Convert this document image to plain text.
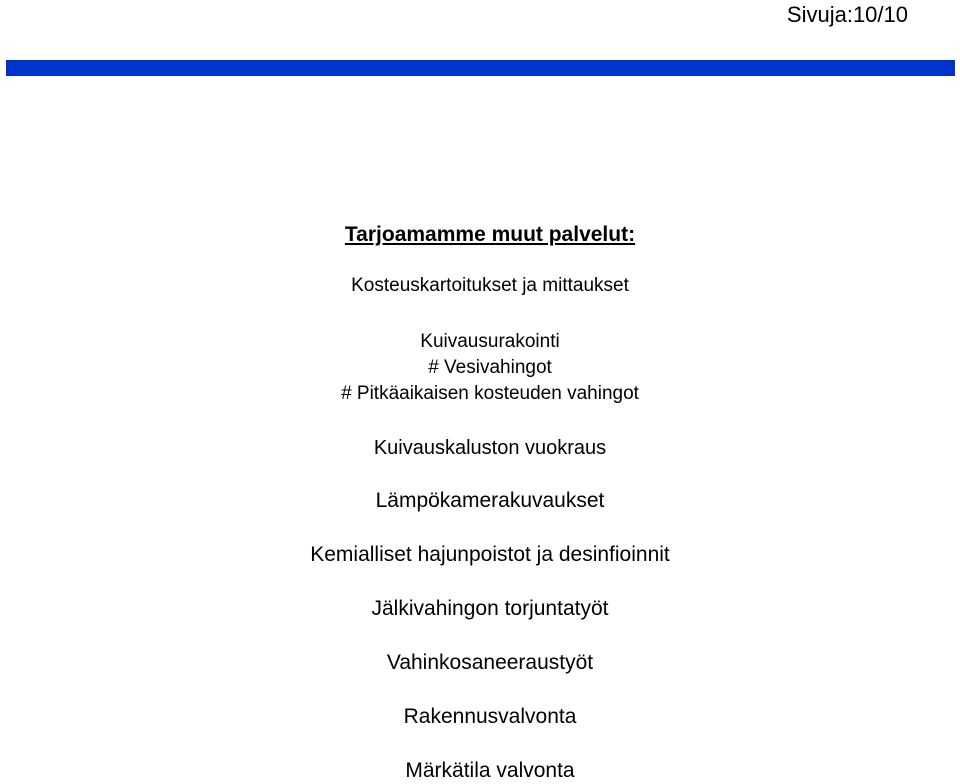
Sivuja:10/10
Tarjoamamme muut palvelut:
Kosteuskartoitukset ja mittaukset
Kuivausurakointi
# Vesivahingot
# Pitkäaikaisen kosteuden vahingot
Kuivauskaluston vuokraus
Lämpökamerakuvaukset
Kemialliset hajunpoistot ja desinfioinnit
Jälkivahingon torjuntatyöt
Vahinkosaneeraustyöt
Rakennusvalvonta
Märkätila valvonta
